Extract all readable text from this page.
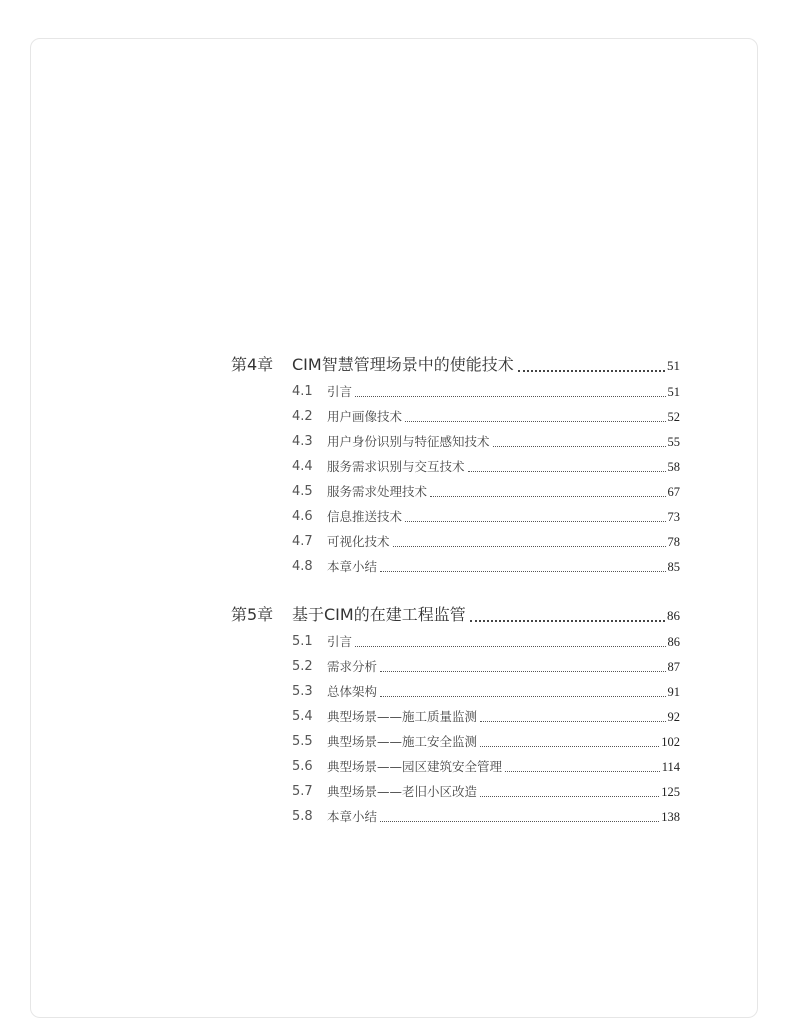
第4章	CIM智慧管理场景中的使能技术	51
4.1	引言	51
4.2	用户画像技术	52
4.3	用户身份识别与特征感知技术	55
4.4	服务需求识别与交互技术	58
4.5	服务需求处理技术	67
4.6	信息推送技术	73
4.7	可视化技术	78
4.8	本章小结	85
第5章	基于CIM的在建工程监管	86
5.1	引言	86
5.2	需求分析	87
5.3	总体架构	91
5.4	典型场景——施工质量监测	92
5.5	典型场景——施工安全监测	102
5.6	典型场景——园区建筑安全管理	114
5.7	典型场景——老旧小区改造	125
5.8	本章小结	138
